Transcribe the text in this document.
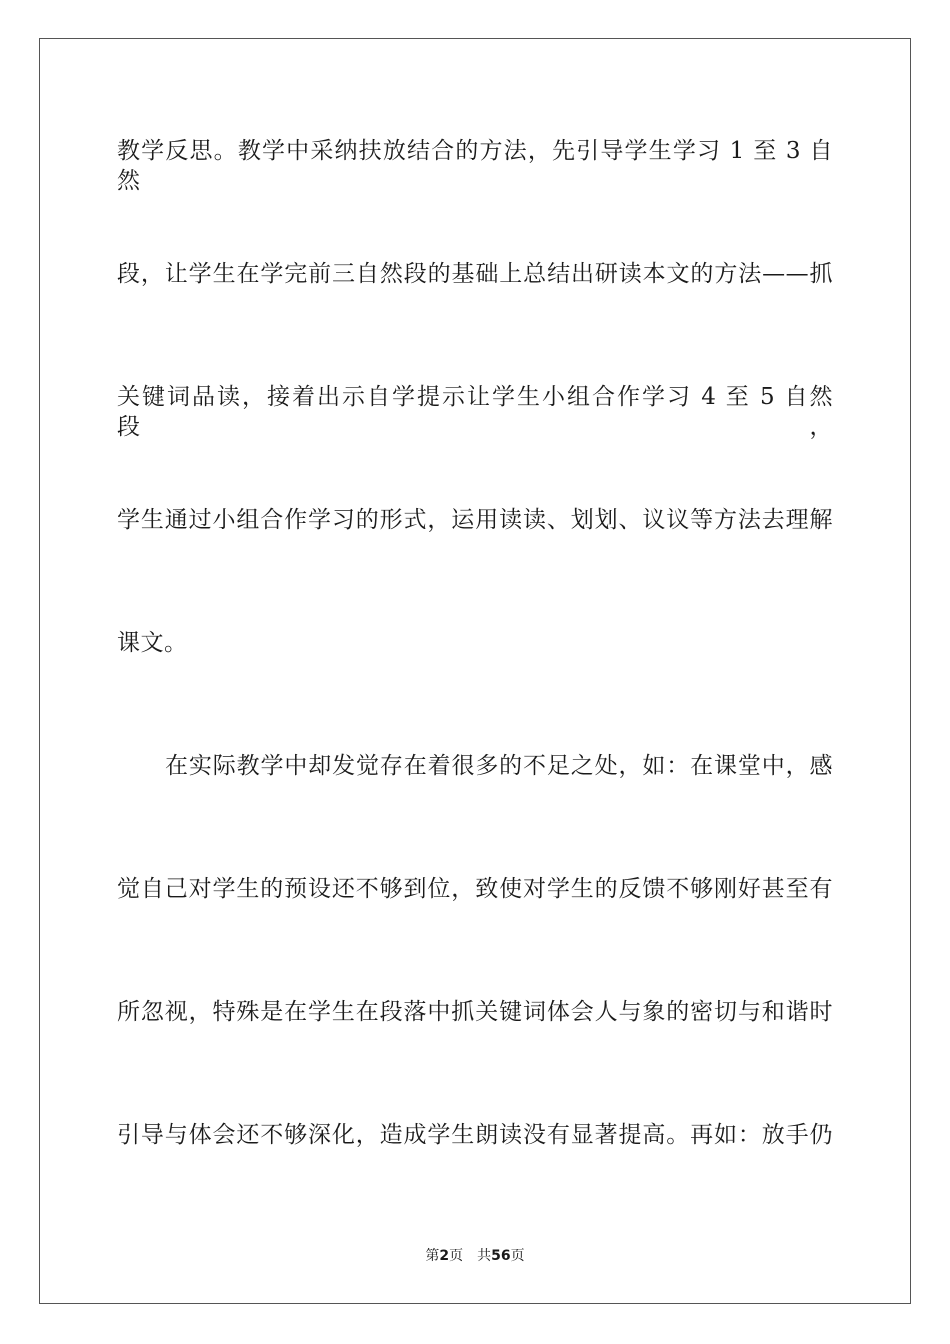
教学反思。教学中采纳扶放结合的方法，先引导学生学习 1 至 3 自然
段，让学生在学完前三自然段的基础上总结出研读本文的方法——抓
关键词品读，接着出示自学提示让学生小组合作学习 4 至 5 自然段，
学生通过小组合作学习的形式，运用读读、划划、议议等方法去理解
课文。
在实际教学中却发觉存在着很多的不足之处，如：在课堂中，感
觉自己对学生的预设还不够到位，致使对学生的反馈不够刚好甚至有
所忽视，特殊是在学生在段落中抓关键词体会人与象的密切与和谐时
引导与体会还不够深化，造成学生朗读没有显著提高。再如：放手仍
第2页 共56页
